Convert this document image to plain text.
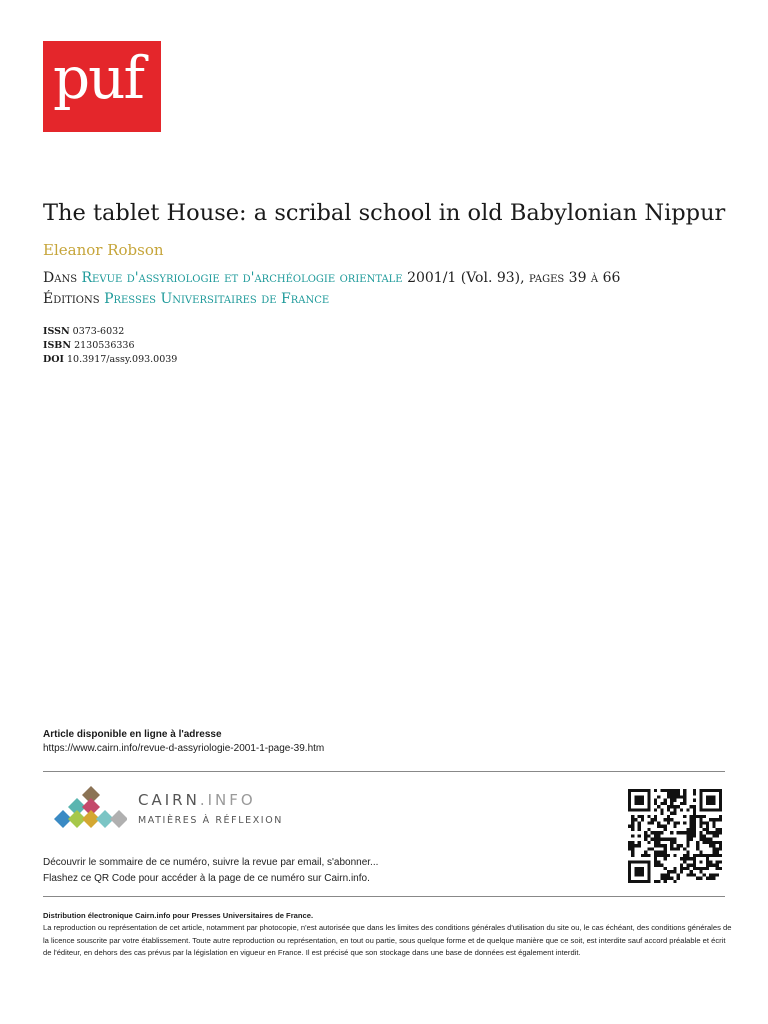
puf
The tablet House: a scribal school in old Babylonian Nippur
Eleanor Robson
Dans Revue d'assyriologie et d'archéologie orientale 2001/1 (Vol. 93), pages 39 à 66
Éditions Presses Universitaires de France
ISSN 0373-6032
ISBN 2130536336
DOI 10.3917/assy.093.0039
Article disponible en ligne à l'adresse
https://www.cairn.info/revue-d-assyriologie-2001-1-page-39.htm
CAIRN.INFO
MATIÈRES À RÉFLEXION
Découvrir le sommaire de ce numéro, suivre la revue par email, s'abonner...
Flashez ce QR Code pour accéder à la page de ce numéro sur Cairn.info.
Distribution électronique Cairn.info pour Presses Universitaires de France.
La reproduction ou représentation de cet article, notamment par photocopie, n'est autorisée que dans les limites des conditions générales d'utilisation du site ou, le cas échéant, des conditions générales de la licence souscrite par votre établissement. Toute autre reproduction ou représentation, en tout ou partie, sous quelque forme et de quelque manière que ce soit, est interdite sauf accord préalable et écrit de l'éditeur, en dehors des cas prévus par la législation en vigueur en France. Il est précisé que son stockage dans une base de données est également interdit.
